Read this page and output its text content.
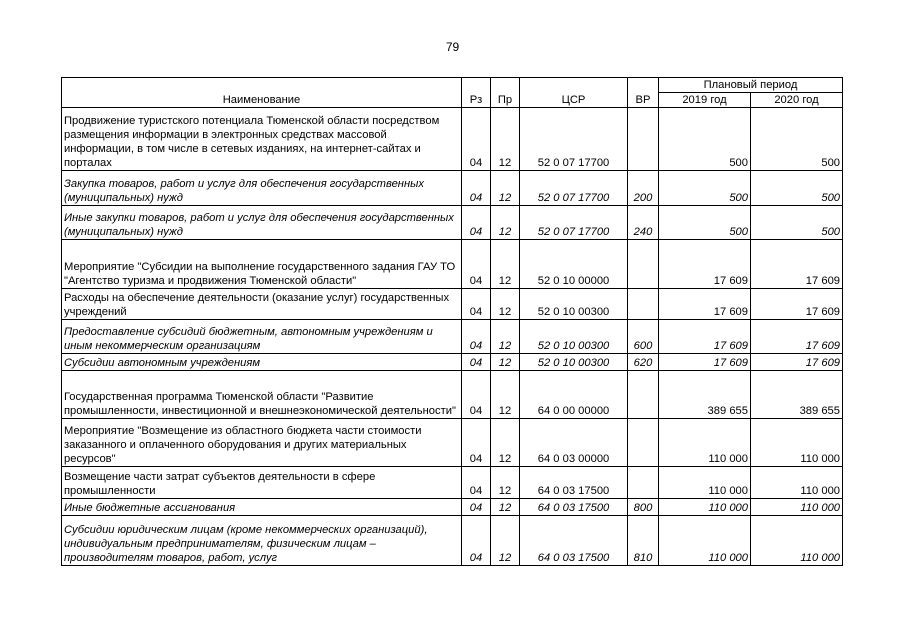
79
Наименование	Рз	Пр	ЦСР	ВР	Плановый период	
					2019 год	2020 год
Продвижение туристского потенциала Тюменской области посредством размещения информации в электронных средствах массовой информации, в том числе в сетевых изданиях, на интернет-сайтах и порталах	04	12	52 0 07 17700		500	500
Закупка товаров, работ и услуг для обеспечения государственных (муниципальных) нужд	04	12	52 0 07 17700	200	500	500
Иные закупки товаров, работ и услуг для обеспечения государственных (муниципальных) нужд	04	12	52 0 07 17700	240	500	500
Мероприятие "Субсидии на выполнение государственного задания ГАУ ТО "Агентство туризма и продвижения Тюменской области"	04	12	52 0 10 00000		17 609	17 609
Расходы на обеспечение деятельности (оказание услуг) государственных учреждений	04	12	52 0 10 00300		17 609	17 609
Предоставление субсидий бюджетным, автономным учреждениям и иным некоммерческим организациям	04	12	52 0 10 00300	600	17 609	17 609
Субсидии автономным учреждениям	04	12	52 0 10 00300	620	17 609	17 609
Государственная программа Тюменской области "Развитие промышленности, инвестиционной и внешнеэкономической деятельности"	04	12	64 0 00 00000		389 655	389 655
Мероприятие "Возмещение из областного бюджета части стоимости заказанного и оплаченного оборудования и других материальных ресурсов"	04	12	64 0 03 00000		110 000	110 000
Возмещение части затрат субъектов деятельности в сфере промышленности	04	12	64 0 03 17500		110 000	110 000
Иные бюджетные ассигнования	04	12	64 0 03 17500	800	110 000	110 000
Субсидии юридическим лицам (кроме некоммерческих организаций), индивидуальным предпринимателям, физическим лицам – производителям товаров, работ, услуг	04	12	64 0 03 17500	810	110 000	110 000
